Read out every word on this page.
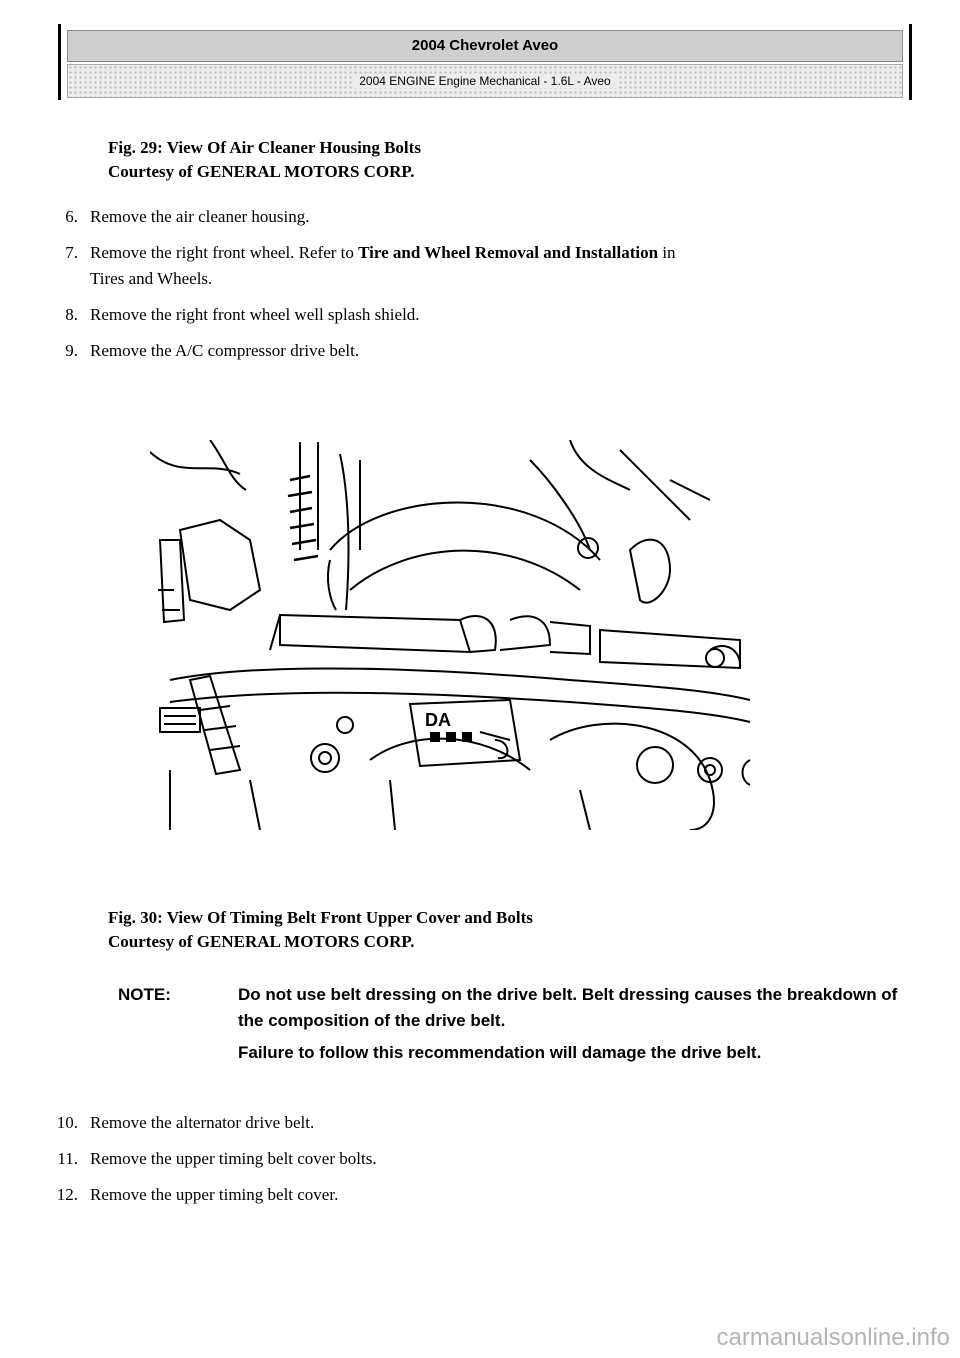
2004 Chevrolet Aveo
2004 ENGINE Engine Mechanical - 1.6L - Aveo
Fig. 29: View Of Air Cleaner Housing Bolts
Courtesy of GENERAL MOTORS CORP.
6. Remove the air cleaner housing.
7. Remove the right front wheel. Refer to Tire and Wheel Removal and Installation in
Tires and Wheels.
8. Remove the right front wheel well splash shield.
9. Remove the A/C compressor drive belt.
DA
Fig. 30: View Of Timing Belt Front Upper Cover and Bolts
Courtesy of GENERAL MOTORS CORP.
NOTE:	Do not use belt dressing on the drive belt. Belt dressing causes the breakdown of the composition of the drive belt.

Failure to follow this recommendation will damage the drive belt.

10. Remove the alternator drive belt.
11. Remove the upper timing belt cover bolts.
12. Remove the upper timing belt cover.
carmanualsonline.info
